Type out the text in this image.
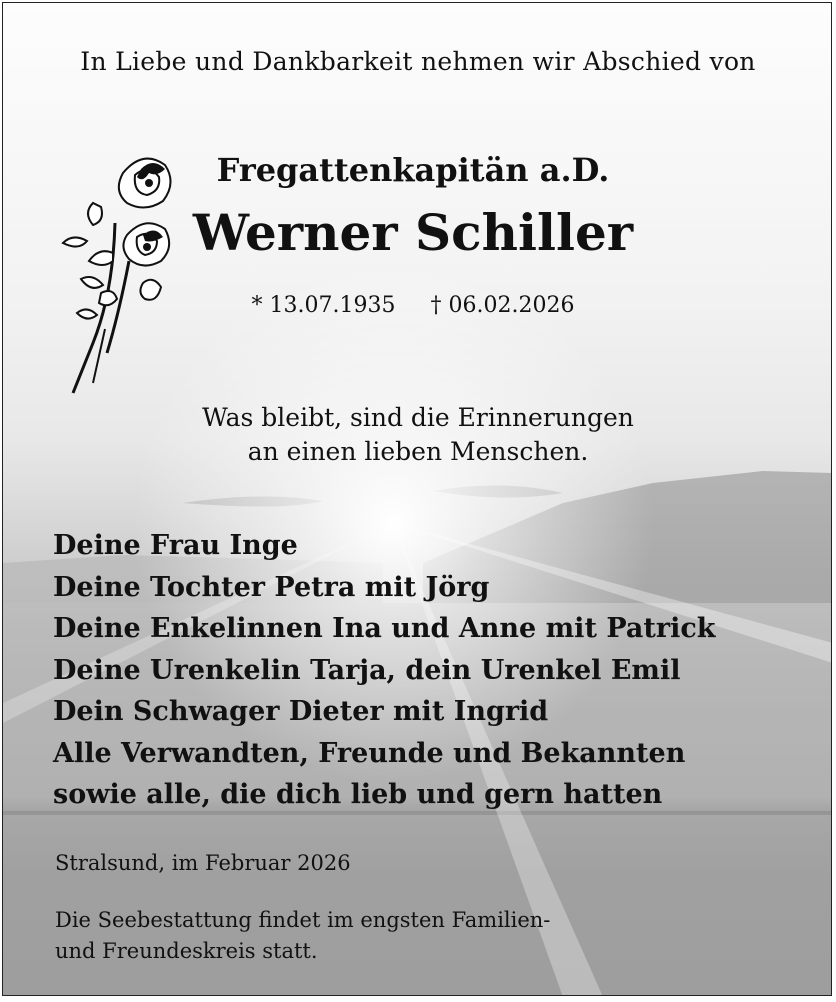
In Liebe und Dankbarkeit nehmen wir Abschied von
Fregattenkapitän a.D.
Werner Schiller
* 13.07.1935 † 06.02.2026
Was bleibt, sind die Erinnerungen
an einen lieben Menschen.
Deine Frau Inge
Deine Tochter Petra mit Jörg
Deine Enkelinnen Ina und Anne mit Patrick
Deine Urenkelin Tarja, dein Urenkel Emil
Dein Schwager Dieter mit Ingrid
Alle Verwandten, Freunde und Bekannten
sowie alle, die dich lieb und gern hatten
Stralsund, im Februar 2026
Die Seebestattung findet im engsten Familien-
und Freundeskreis statt.
